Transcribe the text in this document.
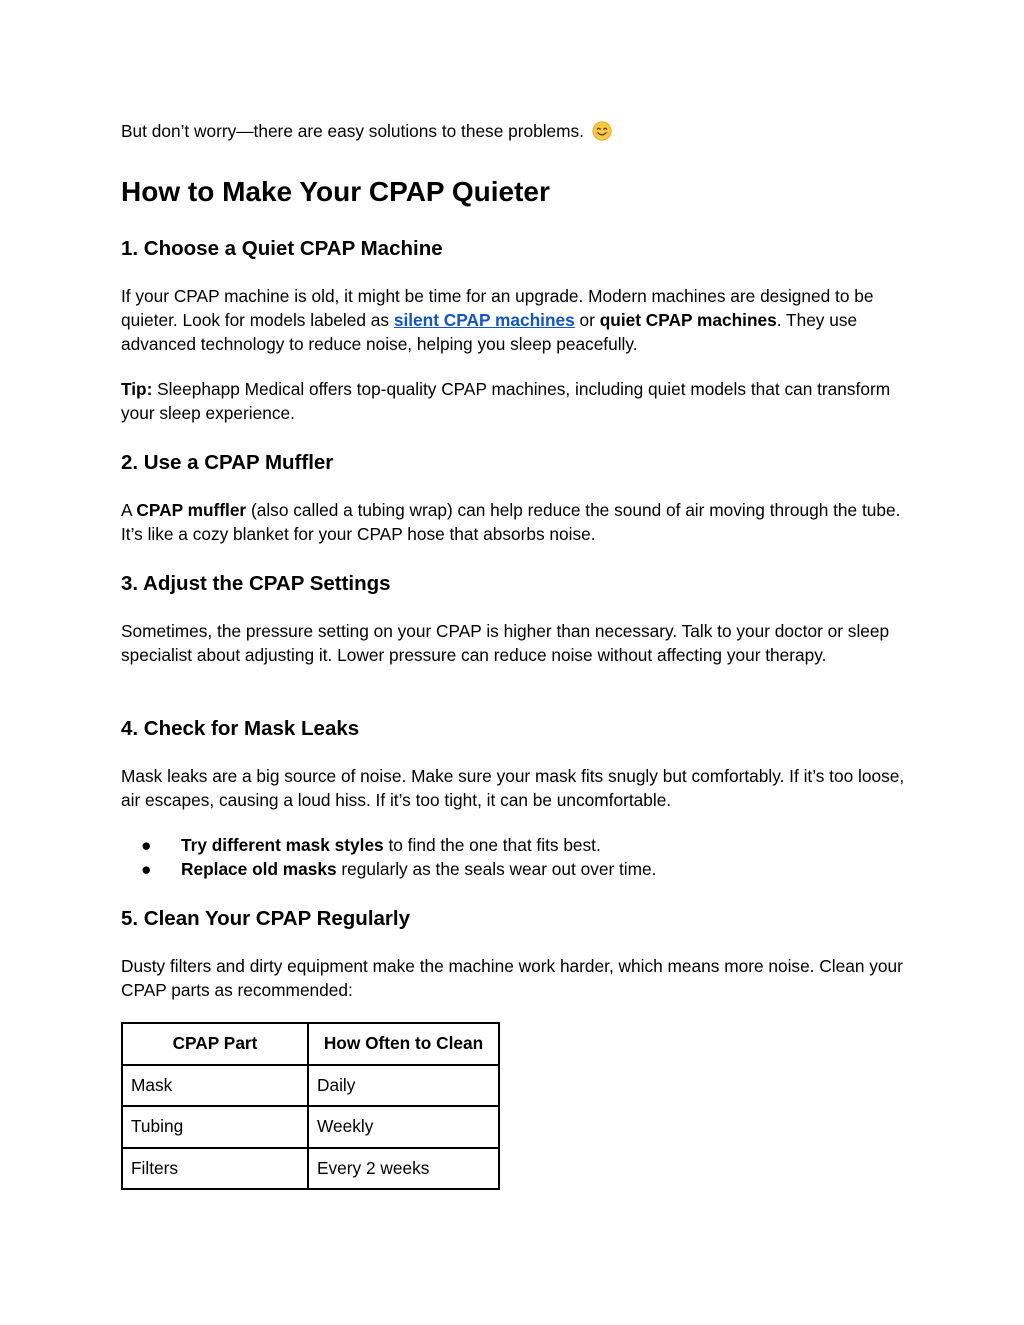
But don’t worry—there are easy solutions to these problems.

How to Make Your CPAP Quieter
1. Choose a Quiet CPAP Machine

If your CPAP machine is old, it might be time for an upgrade. Modern machines are designed to be quieter. Look for models labeled as silent CPAP machines or quiet CPAP machines. They use advanced technology to reduce noise, helping you sleep peacefully.

Tip: Sleephapp Medical offers top-quality CPAP machines, including quiet models that can transform your sleep experience.

2. Use a CPAP Muffler

A CPAP muffler (also called a tubing wrap) can help reduce the sound of air moving through the tube. It’s like a cozy blanket for your CPAP hose that absorbs noise.

3. Adjust the CPAP Settings

Sometimes, the pressure setting on your CPAP is higher than necessary. Talk to your doctor or sleep specialist about adjusting it. Lower pressure can reduce noise without affecting your therapy.

4. Check for Mask Leaks

Mask leaks are a big source of noise. Make sure your mask fits snugly but comfortably. If it’s too loose, air escapes, causing a loud hiss. If it’s too tight, it can be uncomfortable.

● Try different mask styles to find the one that fits best.
● Replace old masks regularly as the seals wear out over time.
5. Clean Your CPAP Regularly

Dusty filters and dirty equipment make the machine work harder, which means more noise. Clean your CPAP parts as recommended:

CPAP Part	How Often to Clean
Mask	Daily
Tubing	Weekly
Filters	Every 2 weeks
